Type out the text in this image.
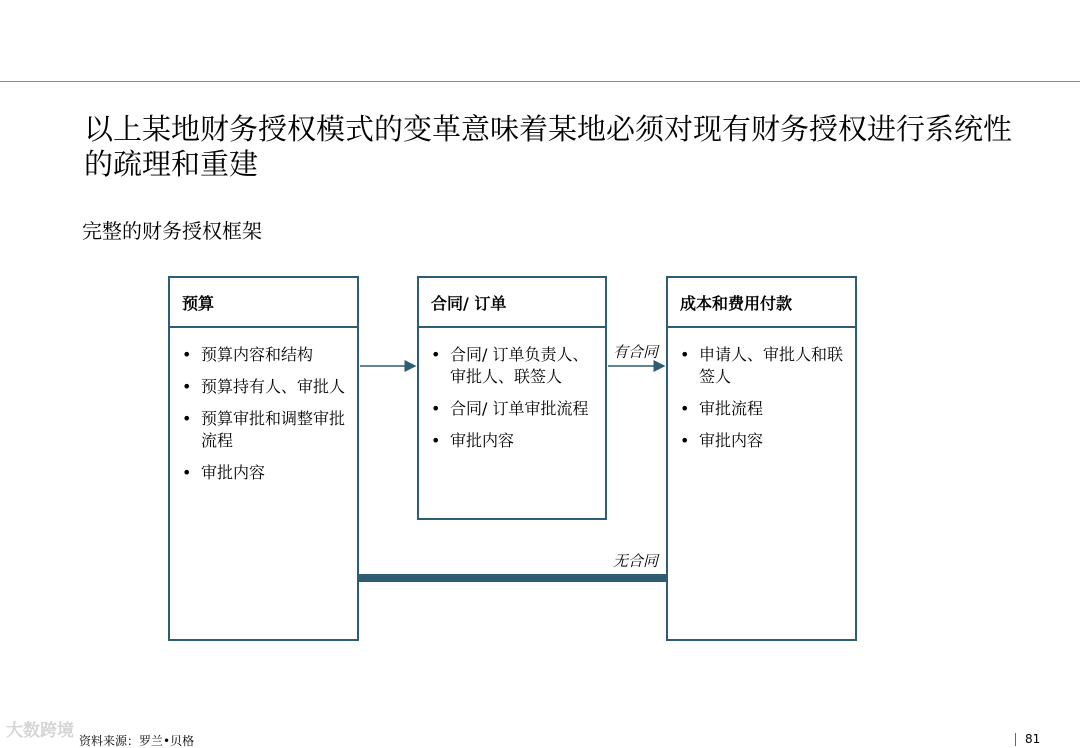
以上某地财务授权模式的变革意味着某地必须对现有财务授权进行系统性的疏理和重建
完整的财务授权框架
预算
• 预算内容和结构
• 预算持有人、审批人
• 预算审批和调整审批流程
• 审批内容
合同/ 订单
• 合同/ 订单负责人、审批人、联签人
• 合同/ 订单审批流程
• 审批内容
成本和费用付款
• 申请人、审批人和联签人
• 审批流程
• 审批内容
有合同
无合同
大数跨境 资料来源：罗兰•贝格	81
